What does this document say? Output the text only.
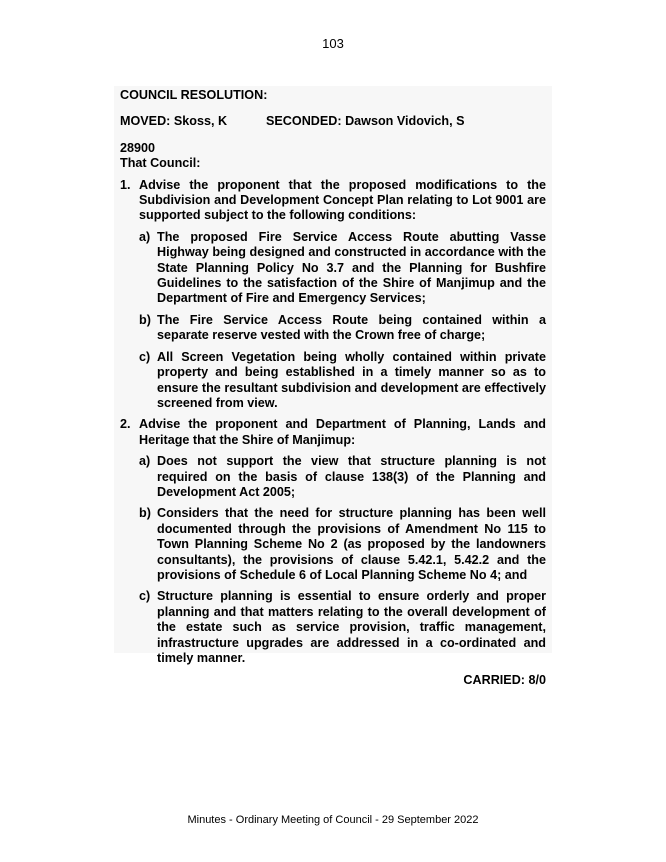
103
COUNCIL RESOLUTION:
MOVED: Skoss, K	SECONDED: Dawson Vidovich, S
28900
That Council:
1. Advise the proponent that the proposed modifications to the Subdivision and Development Concept Plan relating to Lot 9001 are supported subject to the following conditions:
a) The proposed Fire Service Access Route abutting Vasse Highway being designed and constructed in accordance with the State Planning Policy No 3.7 and the Planning for Bushfire Guidelines to the satisfaction of the Shire of Manjimup and the Department of Fire and Emergency Services;
b) The Fire Service Access Route being contained within a separate reserve vested with the Crown free of charge;
c) All Screen Vegetation being wholly contained within private property and being established in a timely manner so as to ensure the resultant subdivision and development are effectively screened from view.
2. Advise the proponent and Department of Planning, Lands and Heritage that the Shire of Manjimup:
a) Does not support the view that structure planning is not required on the basis of clause 138(3) of the Planning and Development Act 2005;
b) Considers that the need for structure planning has been well documented through the provisions of Amendment No 115 to Town Planning Scheme No 2 (as proposed by the landowners consultants), the provisions of clause 5.42.1, 5.42.2 and the provisions of Schedule 6 of Local Planning Scheme No 4; and
c) Structure planning is essential to ensure orderly and proper planning and that matters relating to the overall development of the estate such as service provision, traffic management, infrastructure upgrades are addressed in a co-ordinated and timely manner.
CARRIED: 8/0
Minutes - Ordinary Meeting of Council - 29 September 2022
